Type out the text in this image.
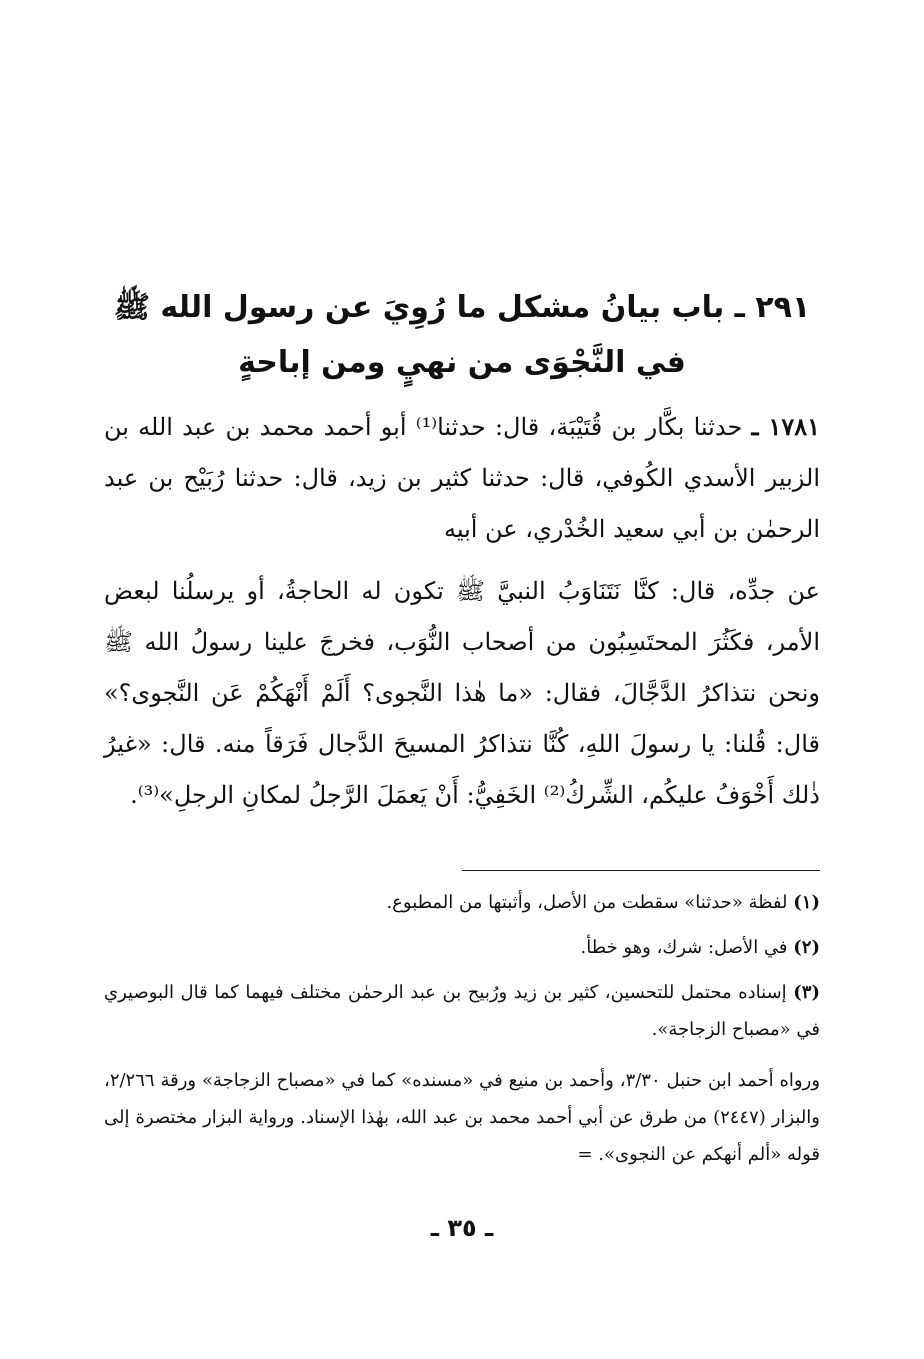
٢٩١ ـ باب بيانُ مشكل ما رُوِيَ عن رسول الله ﷺ
في النَّجْوَى من نهيٍ ومن إباحةٍ

١٧٨١ ـ حدثنا بكَّار بن قُتَيْبَة، قال: حدثنا⁽¹⁾ أبو أحمد محمد بن عبد الله بن الزبير الأسدي الكُوفي، قال: حدثنا كثير بن زيد، قال: حدثنا رُبَيْح بن عبد الرحمٰن بن أبي سعيد الخُدْري، عن أبيه

عن جدِّه، قال: كنَّا نَتَنَاوَبُ النبيَّ ﷺ تكون له الحاجةُ، أو يرسلُنا لبعض الأمر، فكَثُرَ المحتَسِبُون من أصحاب النُّوَب، فخرجَ علينا رسولُ الله ﷺ ونحن نتذاكرُ الدَّجَّالَ، فقال: «ما هٰذا النَّجوى؟ أَلَمْ أَنْهَكُمْ عَن النَّجوى؟» قال: قُلنا: يا رسولَ اللهِ، كُنَّا نتذاكرُ المسيحَ الدَّجال فَرَقاً منه. قال: «غيرُ ذٰلك أَخْوَفُ عليكُم، الشِّركُ⁽²⁾ الخَفِيُّ: أَنْ يَعمَلَ الرَّجلُ لمكانِ الرجلِ»⁽³⁾.

(١) لفظة «حدثنا» سقطت من الأصل، وأثبتها من المطبوع.

(٢) في الأصل: شرك، وهو خطأ.

(٣) إسناده محتمل للتحسين، كثير بن زيد ورُبيح بن عبد الرحمٰن مختلف فيهما كما قال البوصيري في «مصباح الزجاجة».

ورواه أحمد ابن حنبل ٣/٣٠، وأحمد بن منيع في «مسنده» كما في «مصباح الزجاجة» ورقة ٢/٢٦٦، والبزار (٢٤٤٧) من طرق عن أبي أحمد محمد بن عبد الله، بهٰذا الإسناد. ورواية البزار مختصرة إلى قوله «ألم أنهكم عن النجوى». =

ـ ٣٥ ـ
